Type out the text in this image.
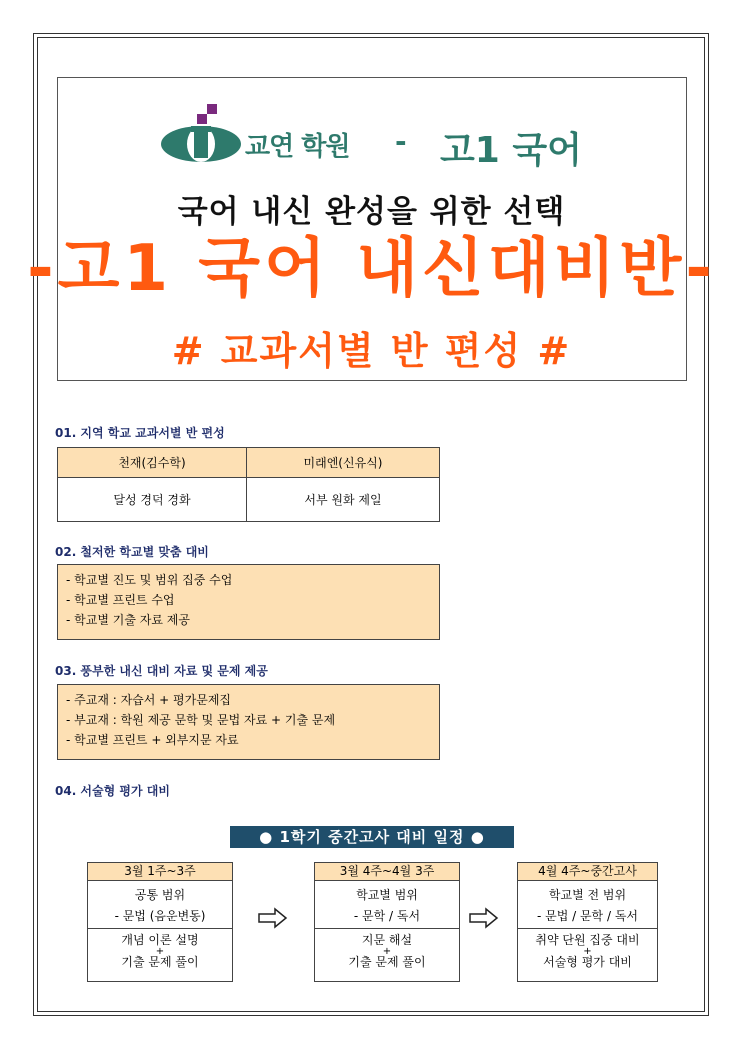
교연 학원 - 고1 국어
국어 내신 완성을 위한 선택
-고1 국어 내신대비반-
# 교과서별 반 편성 #
01. 지역 학교 교과서별 반 편성
천재(김수학)	미래엔(신유식)
달성 경덕 경화	서부 원화 제일
02. 철저한 학교별 맞춤 대비
- 학교별 진도 및 범위 집중 수업
- 학교별 프린트 수업
- 학교별 기출 자료 제공
03. 풍부한 내신 대비 자료 및 문제 제공
- 주교재 : 자습서 + 평가문제집
- 부교재 : 학원 제공 문학 및 문법 자료 + 기출 문제
- 학교별 프린트 + 외부지문 자료
04. 서술형 평가 대비
● 1학기 중간고사 대비 일정 ●
3월 1주~3주
공통 범위
- 문법 (음운변동)
개념 이론 설명
+
기출 문제 풀이
3월 4주~4월 3주
학교별 범위
- 문학 / 독서
지문 해설
+
기출 문제 풀이
4월 4주~중간고사
학교별 전 범위
- 문법 / 문학 / 독서
취약 단원 집중 대비
+
서술형 평가 대비
